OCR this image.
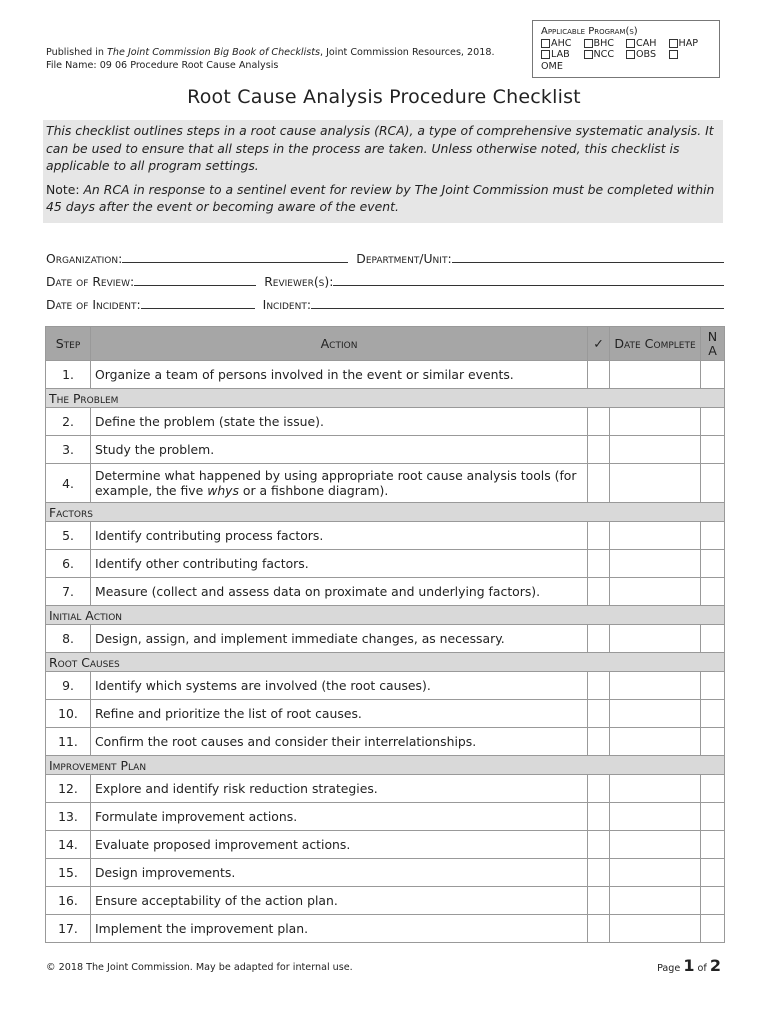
Published in The Joint Commission Big Book of Checklists, Joint Commission Resources, 2018.
File Name: 09 06 Procedure Root Cause Analysis
Applicable Program(s)
AHC BHC CAH HAP
LAB NCC OBS
OME
Root Cause Analysis Procedure Checklist

This checklist outlines steps in a root cause analysis (RCA), a type of comprehensive systematic analysis. It can be used to ensure that all steps in the process are taken. Unless otherwise noted, this checklist is applicable to all program settings.

Note: An RCA in response to a sentinel event for review by The Joint Commission must be completed within 45 days after the event or becoming aware of the event.

Organization:	Department/Unit:
Date of Review:	Reviewer(s):
Date of Incident:	Incident:
Step	Action	✓	Date Complete	N A
1.	Organize a team of persons involved in the event or similar events.			
The Problem				
2.	Define the problem (state the issue).			
3.	Study the problem.			
4.	Determine what happened by using appropriate root cause analysis tools (for example, the five whys or a fishbone diagram).			
Factors				
5.	Identify contributing process factors.			
6.	Identify other contributing factors.			
7.	Measure (collect and assess data on proximate and underlying factors).			
Initial Action				
8.	Design, assign, and implement immediate changes, as necessary.			
Root Causes				
9.	Identify which systems are involved (the root causes).			
10.	Refine and prioritize the list of root causes.			
11.	Confirm the root causes and consider their interrelationships.			
Improvement Plan				
12.	Explore and identify risk reduction strategies.			
13.	Formulate improvement actions.			
14.	Evaluate proposed improvement actions.			
15.	Design improvements.			
16.	Ensure acceptability of the action plan.			
17.	Implement the improvement plan.			
© 2018 The Joint Commission. May be adapted for internal use.	Page 1 of 2
